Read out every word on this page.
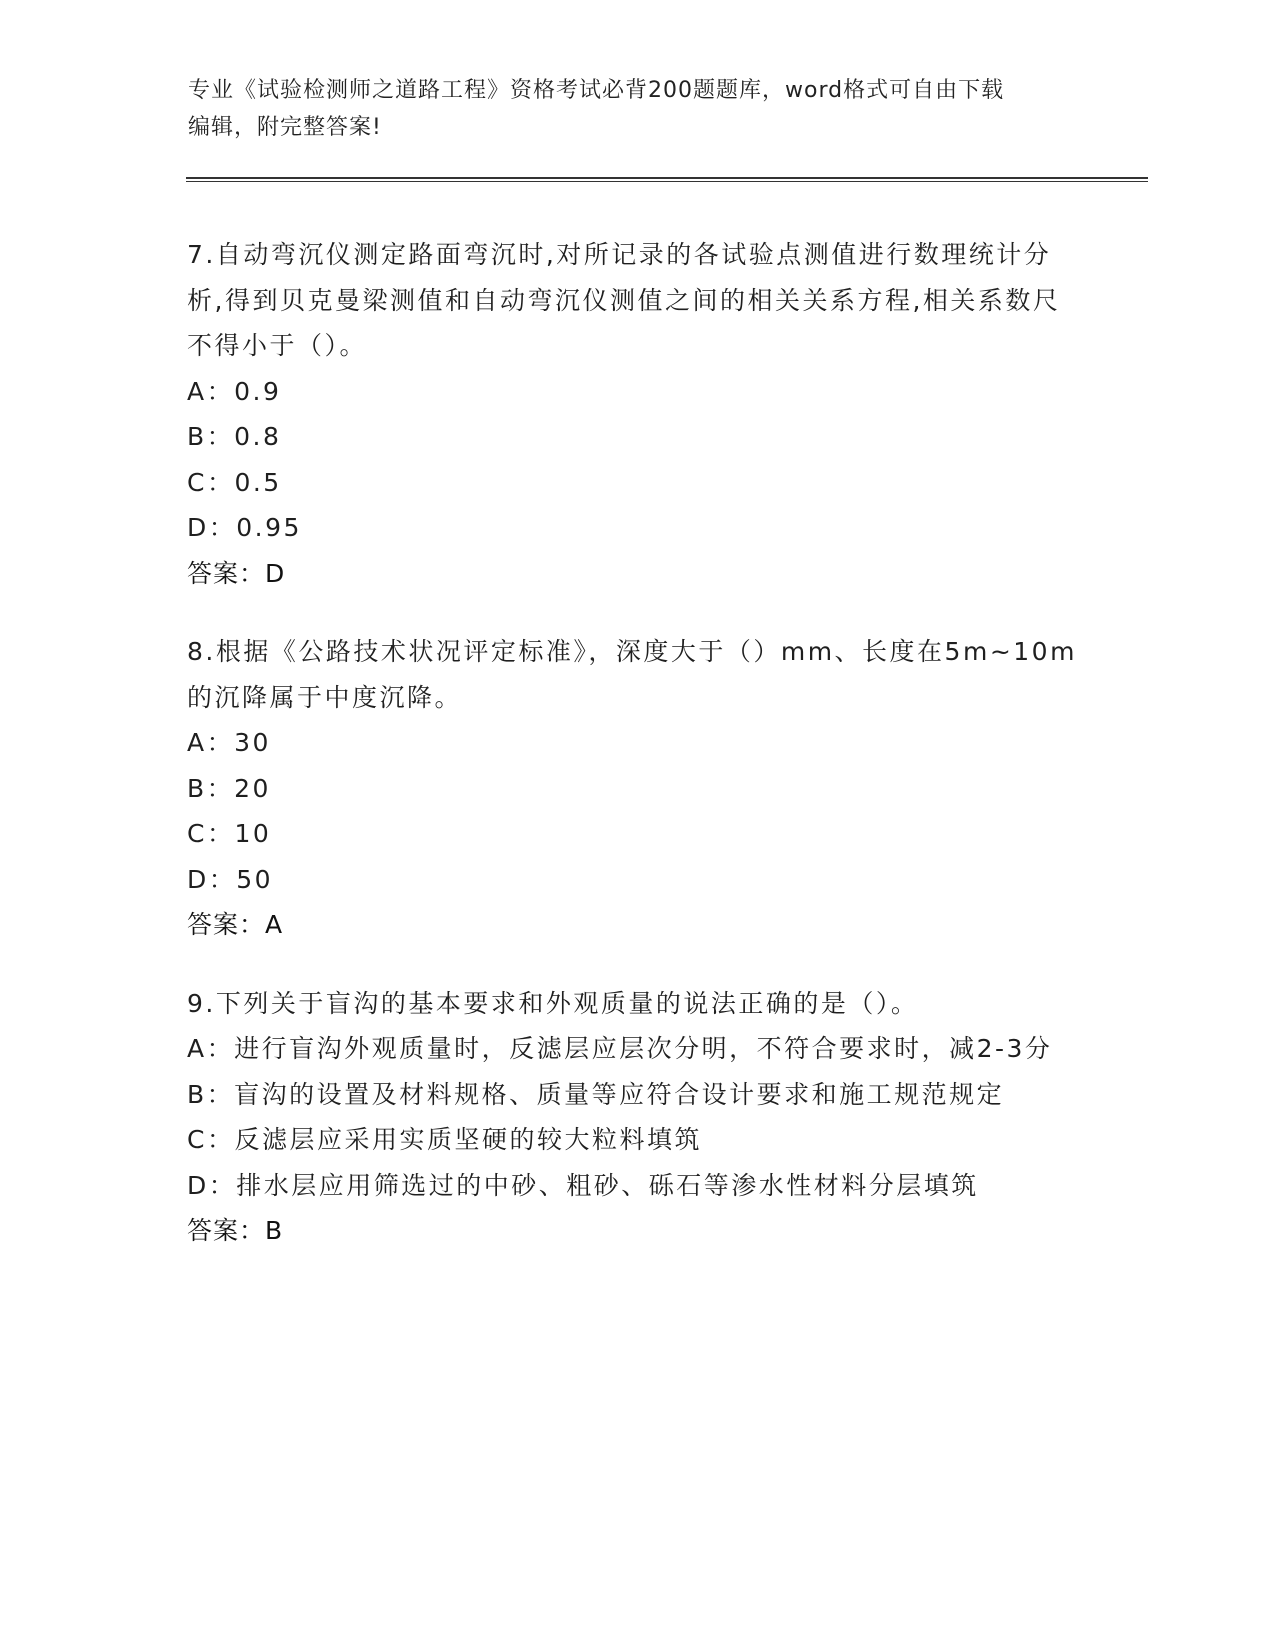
专业《试验检测师之道路工程》资格考试必背200题题库，word格式可自由下载
编辑，附完整答案!

7.自动弯沉仪测定路面弯沉时,对所记录的各试验点测值进行数理统计分析,得到贝克曼梁测值和自动弯沉仪测值之间的相关关系方程,相关系数尺不得小于（）。

A：0.9

B：0.8

C：0.5

D：0.95

答案：D

8.根据《公路技术状况评定标准》，深度大于（）mm、长度在5m~10m的沉降属于中度沉降。

A：30

B：20

C：10

D：50

答案：A

9.下列关于盲沟的基本要求和外观质量的说法正确的是（）。

A：进行盲沟外观质量时，反滤层应层次分明，不符合要求时，减2-3分

B：盲沟的设置及材料规格、质量等应符合设计要求和施工规范规定

C：反滤层应采用实质坚硬的较大粒料填筑

D：排水层应用筛选过的中砂、粗砂、砾石等渗水性材料分层填筑

答案：B
